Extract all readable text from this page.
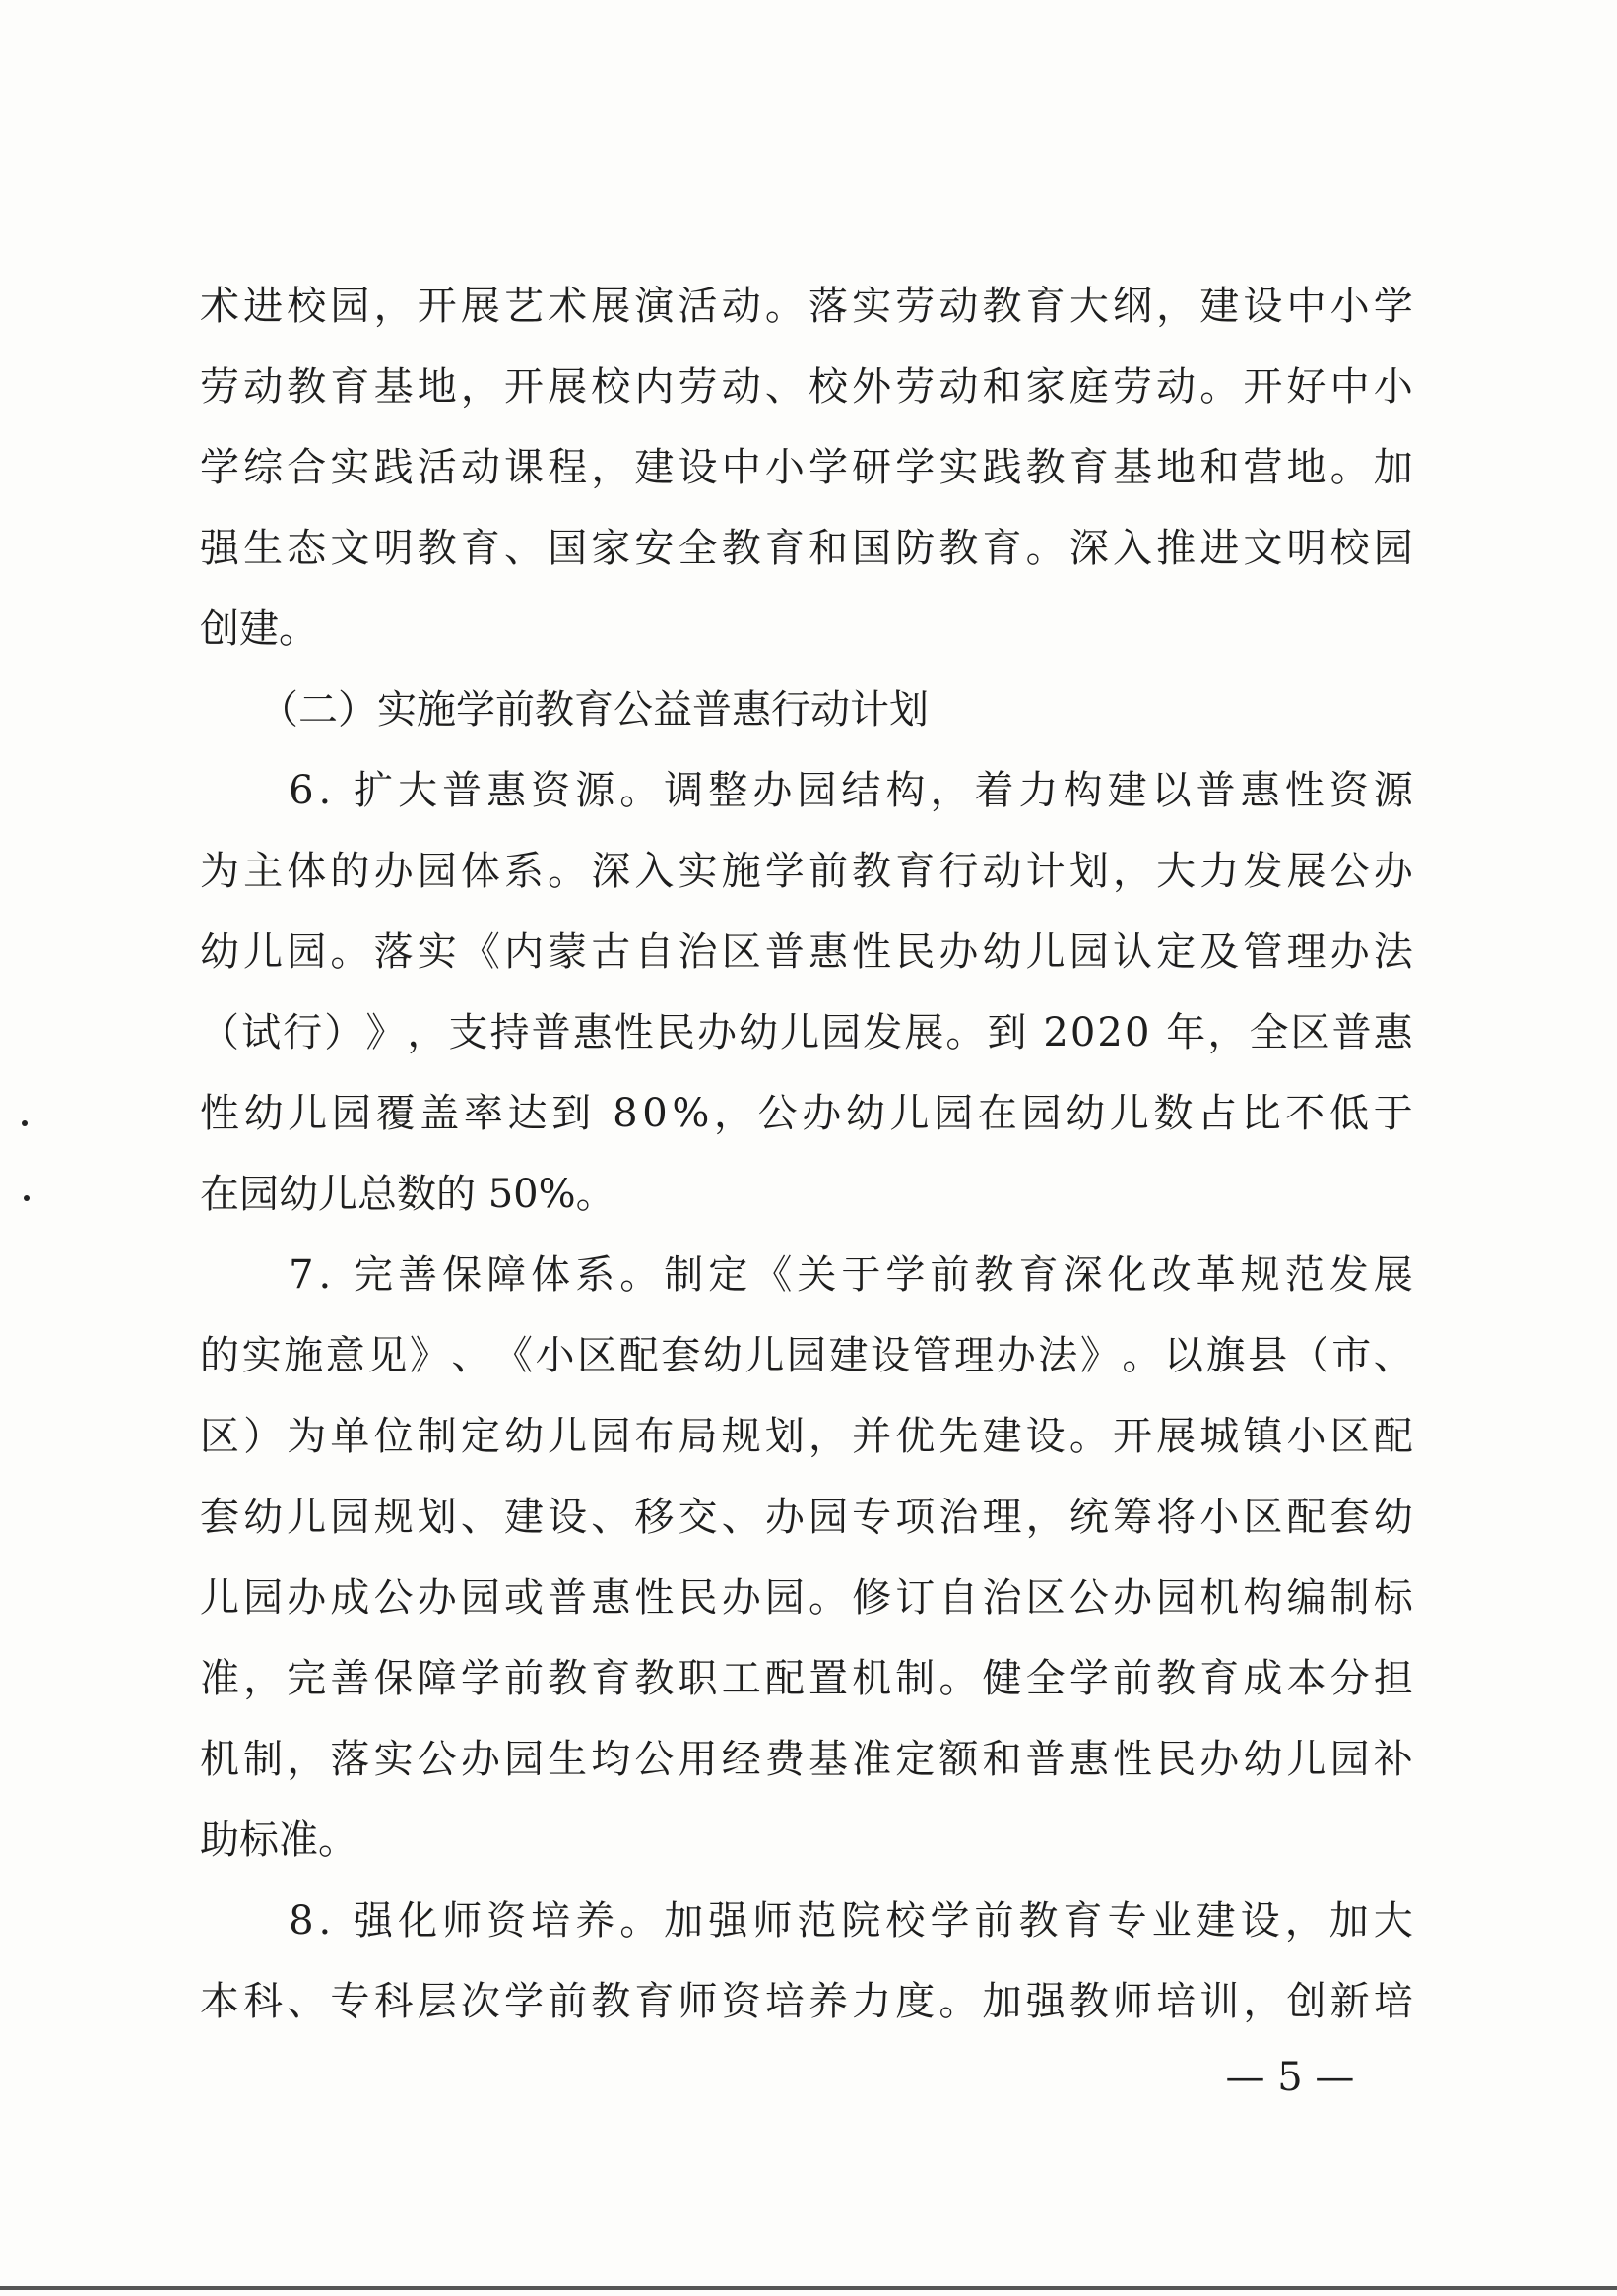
术 进 校 园 ， 开 展 艺 术 展 演 活 动 。 落 实 劳 动 教 育 大 纲 ， 建 设 中 小 学
劳 动 教 育 基 地 ， 开 展 校 内 劳 动 、 校 外 劳 动 和 家 庭 劳 动 。 开 好 中 小
学 综 合 实 践 活 动 课 程 ， 建 设 中 小 学 研 学 实 践 教 育 基 地 和 营 地 。 加
强 生 态 文 明 教 育 、 国 家 安 全 教 育 和 国 防 教 育 。 深 入 推 进 文 明 校 园
创建。
　　（二）实施学前教育公益普惠行动计划

6 .
扩 大 普 惠 资 源 。 调 整 办 园 结 构 ， 着 力 构 建 以 普 惠 性 资 源
为 主 体 的 办 园 体 系 。 深 入 实 施 学 前 教 育 行 动 计 划 ， 大 力 发 展 公 办
幼 儿 园 。 落 实 《 内 蒙 古 自 治 区 普 惠 性 民 办 幼 儿 园 认 定 及 管 理 办 法
（ 试 行 ） 》 ， 支 持 普 惠 性 民 办 幼 儿 园 发 展 。 到
2 0 2 0
年 ， 全 区 普 惠
性 幼 儿 园 覆 盖 率 达 到
8 0 % ， 公 办 幼 儿 园 在 园 幼 儿 数 占 比 不 低 于
在园幼儿总数的 50%。

7 .
完 善 保 障 体 系 。 制 定 《 关 于 学 前 教 育 深 化 改 革 规 范 发 展
的 实 施 意 见 》 、 《 小 区 配 套 幼 儿 园 建 设 管 理 办 法 》 。 以 旗 县 （ 市 、
区 ） 为 单 位 制 定 幼 儿 园 布 局 规 划 ， 并 优 先 建 设 。 开 展 城 镇 小 区 配
套 幼 儿 园 规 划 、 建 设 、 移 交 、 办 园 专 项 治 理 ， 统 筹 将 小 区 配 套 幼
儿 园 办 成 公 办 园 或 普 惠 性 民 办 园 。 修 订 自 治 区 公 办 园 机 构 编 制 标
准 ， 完 善 保 障 学 前 教 育 教 职 工 配 置 机 制 。 健 全 学 前 教 育 成 本 分 担
机 制 ， 落 实 公 办 园 生 均 公 用 经 费 基 准 定 额 和 普 惠 性 民 办 幼 儿 园 补
助标准。

8 .
强 化 师 资 培 养 。 加 强 师 范 院 校 学 前 教 育 专 业 建 设 ， 加 大
本 科 、 专 科 层 次 学 前 教 育 师 资 培 养 力 度 。 加 强 教 师 培 训 ， 创 新 培
— 5 —
